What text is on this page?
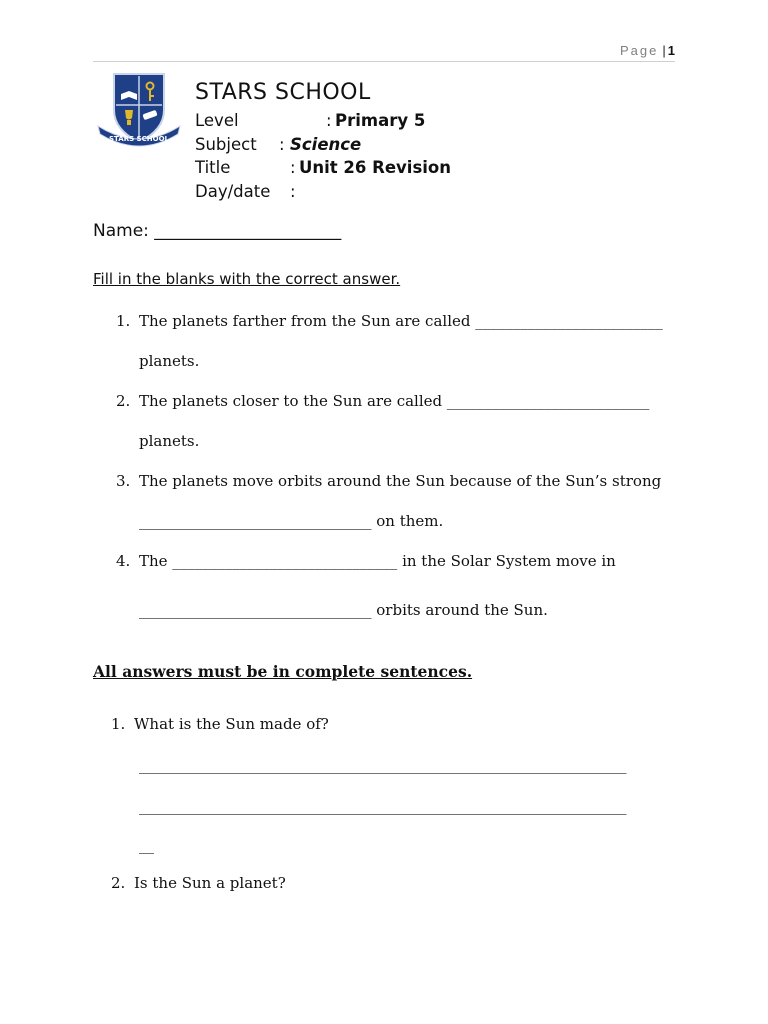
Page | 1
STARS SCHOOL
STARS SCHOOL
Level	: Primary 5
Subject : Science
Title	: Unit 26 Revision
Day/date :
Name: ______________________
Fill in the blanks with the correct answer.
1. The planets farther from the Sun are called _________________________
planets.
2. The planets closer to the Sun are called ___________________________
planets.
3. The planets move orbits around the Sun because of the Sun’s strong
_______________________________ on them.
4. The ______________________________ in the Solar System move in
_______________________________ orbits around the Sun.
All answers must be in complete sentences.
1. What is the Sun made of?
_________________________________________________________________
_________________________________________________________________
__
2. Is the Sun a planet?
